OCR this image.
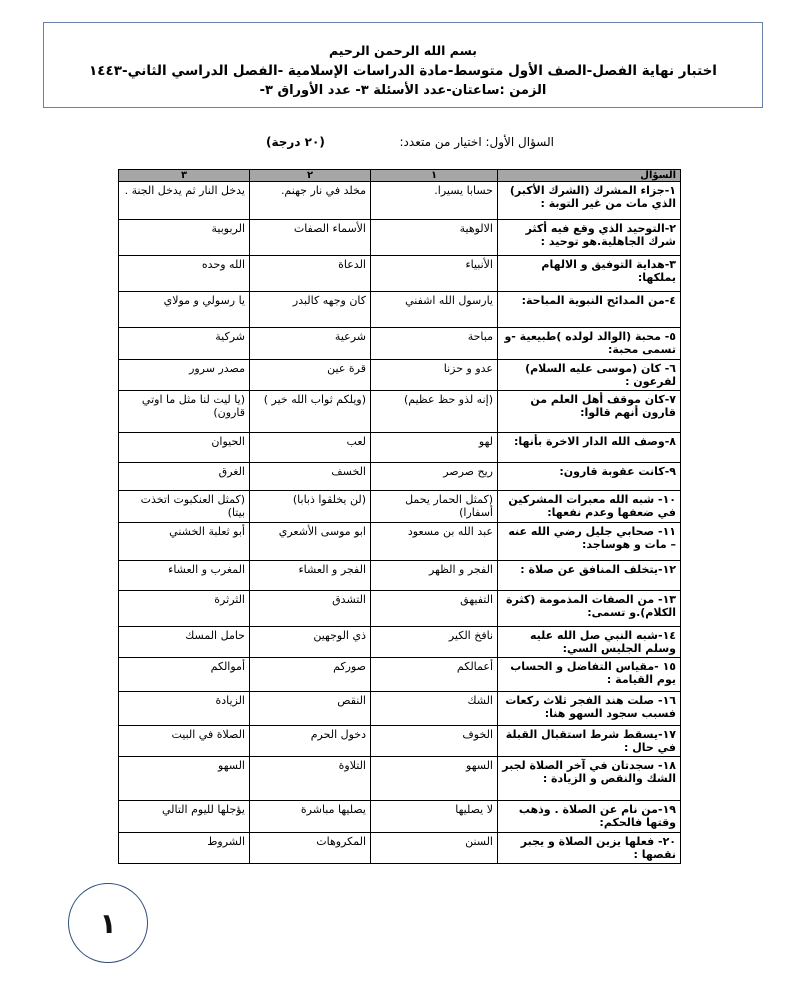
بسم الله الرحمن الرحيم
اختبار نهاية الفصل-الصف الأول متوسط-مادة الدراسات الإسلامية -الفصل الدراسي الثاني-١٤٤٣
الزمن :ساعتان-عدد الأسئلة ٣- عدد الأوراق ٣-
السؤال الأول: اختيار من متعدد:
(٢٠ درجة)
السؤال	١	٢	٣
١-جزاء المشرك (الشرك الأكبر) الذي مات من غير التوبة :	حسابا يسيرا.	مخلد في نار جهنم.	يدخل النار ثم يدخل الجنة .
٢-التوحيد الذي وقع فيه أكثر شرك الجاهلية.هو توحيد :	الالوهية	الأسماء الصفات	الربوبية
٣-هداية التوفيق و الالهام يملكها:	الأنبياء	الدعاة	الله وحده
٤-من المدائح النبوية المباحة:	يارسول الله اشفني	كان وجهه كالبدر	يا رسولي و مولاي
٥- محبة (الوالد لولده )طبيعية -و تسمى محبة:	مباحة	شرعية	شركية
٦- كان (موسى عليه السلام) لفرعون :	عدو و حزنا	قرة عين	مصدر سرور
٧-كان موقف أهل العلم من قارون أنهم قالوا:	(إنه لذو حظ عظيم)	(ويلكم ثواب الله خير )	(يا ليت لنا مثل ما اوتي قارون)
٨-وصف الله الدار الاخرة بأنها:	لهو	لعب	الحيوان
٩-كانت عقوبة قارون:	ريح صرصر	الخسف	الغرق
١٠- شبه الله معبرات المشركين في ضعفها وعدم نفعها:	(كمثل الحمار يحمل أسفارا)	(لن يخلقوا ذبابا)	(كمثل العنكبوت اتخذت بيتا)
١١- صحابي جليل رضي الله عنه – مات و هوساجد:	عبد الله بن مسعود	ابو موسى الأشعري	أبو ثعلبة الخشني
١٢-يتخلف المنافق عن صلاة :	الفجر و الظهر	الفجر و العشاء	المغرب و العشاء
١٣- من الصفات المذمومة (كثرة الكلام).و تسمى:	التفيهق	التشدق	الثرثرة
١٤-شبه النبي صل الله عليه وسلم الجليس السي:	نافخ الكير	ذي الوجهين	حامل المسك
١٥ -مقياس التفاضل و الحساب يوم القيامة :	أعمالكم	صوركم	أموالكم
١٦- صلت هند الفجر ثلاث ركعات فسبب سجود السهو هنا:	الشك	النقص	الزيادة
١٧-يسقط شرط استقبال القبلة في حال :	الخوف	دخول الحرم	الصلاة في البيت
١٨- سجدتان في آخر الصلاة لجبر الشك والنقص و الزيادة :	السهو	التلاوة	السهو
١٩-من نام عن الصلاة . وذهب وقتها فالحكم:	لا يصليها	يصليها مباشرة	يؤجلها لليوم التالي
٢٠- فعلها يزين الصلاة و يجبر نقصها :	السنن	المكروهات	الشروط
١
